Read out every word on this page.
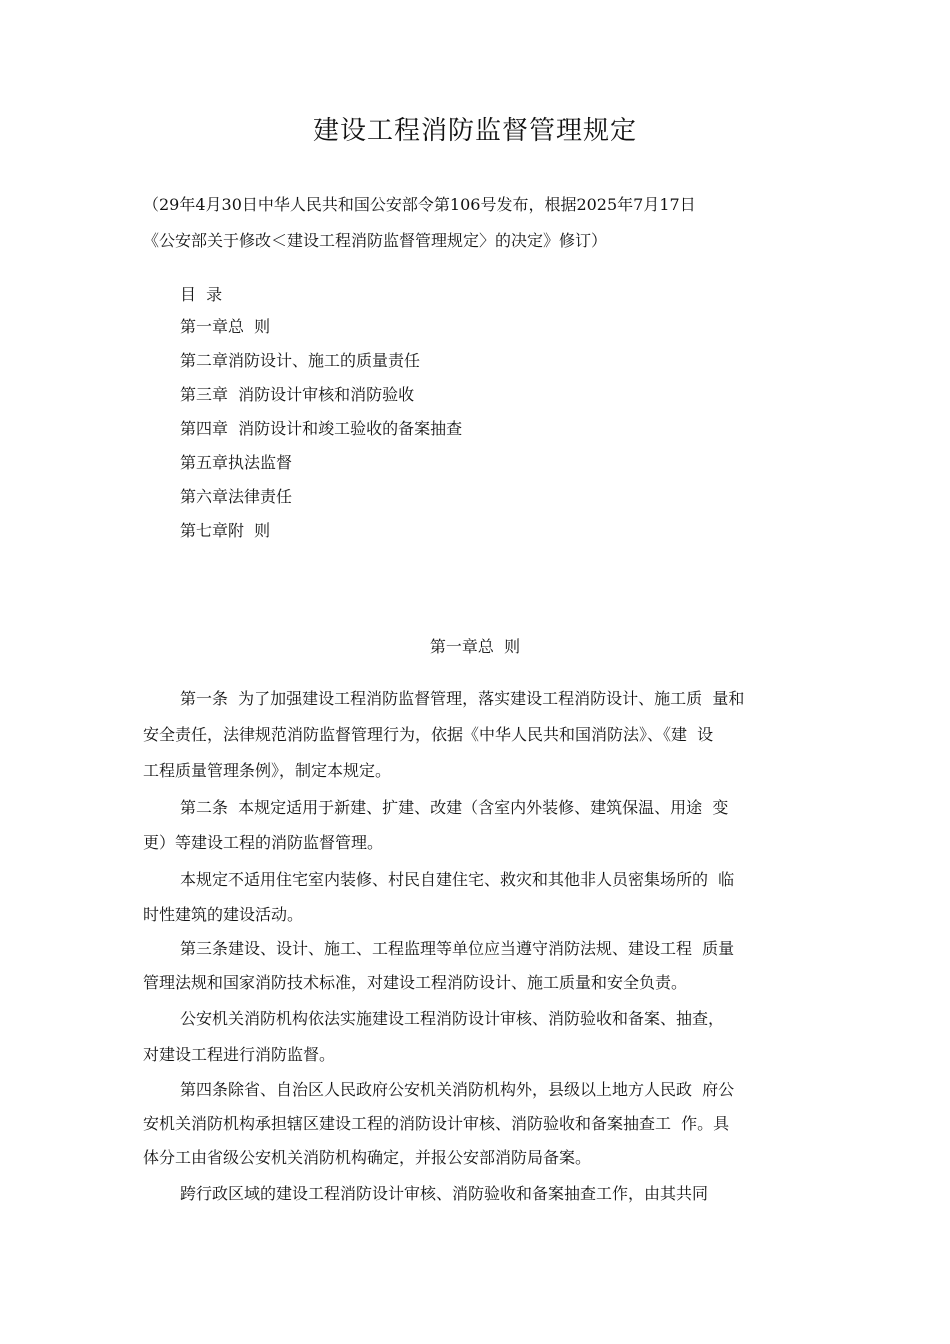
建设工程消防监督管理规定
（29年4月30日中华人民共和国公安部令第106号发布，根据2025年7月17日
《公安部关于修改＜建设工程消防监督管理规定〉的决定》修订）
目  录
第一章总  则
第二章消防设计、施工的质量责任
第三章  消防设计审核和消防验收
第四章  消防设计和竣工验收的备案抽查
第五章执法监督
第六章法律责任
第七章附  则
第一章总  则
第一条  为了加强建设工程消防监督管理，落实建设工程消防设计、施工质  量和
安全责任，法律规范消防监督管理行为，依据《中华人民共和国消防法》、《建  设
工程质量管理条例》，制定本规定。
第二条  本规定适用于新建、扩建、改建（含室内外装修、建筑保温、用途  变
更）等建设工程的消防监督管理。
本规定不适用住宅室内装修、村民自建住宅、救灾和其他非人员密集场所的  临
时性建筑的建设活动。
第三条建设、设计、施工、工程监理等单位应当遵守消防法规、建设工程  质量
管理法规和国家消防技术标准，对建设工程消防设计、施工质量和安全负责。
公安机关消防机构依法实施建设工程消防设计审核、消防验收和备案、抽查，
对建设工程进行消防监督。
第四条除省、自治区人民政府公安机关消防机构外，县级以上地方人民政  府公
安机关消防机构承担辖区建设工程的消防设计审核、消防验收和备案抽查工  作。具
体分工由省级公安机关消防机构确定，并报公安部消防局备案。
跨行政区域的建设工程消防设计审核、消防验收和备案抽查工作，由其共同
